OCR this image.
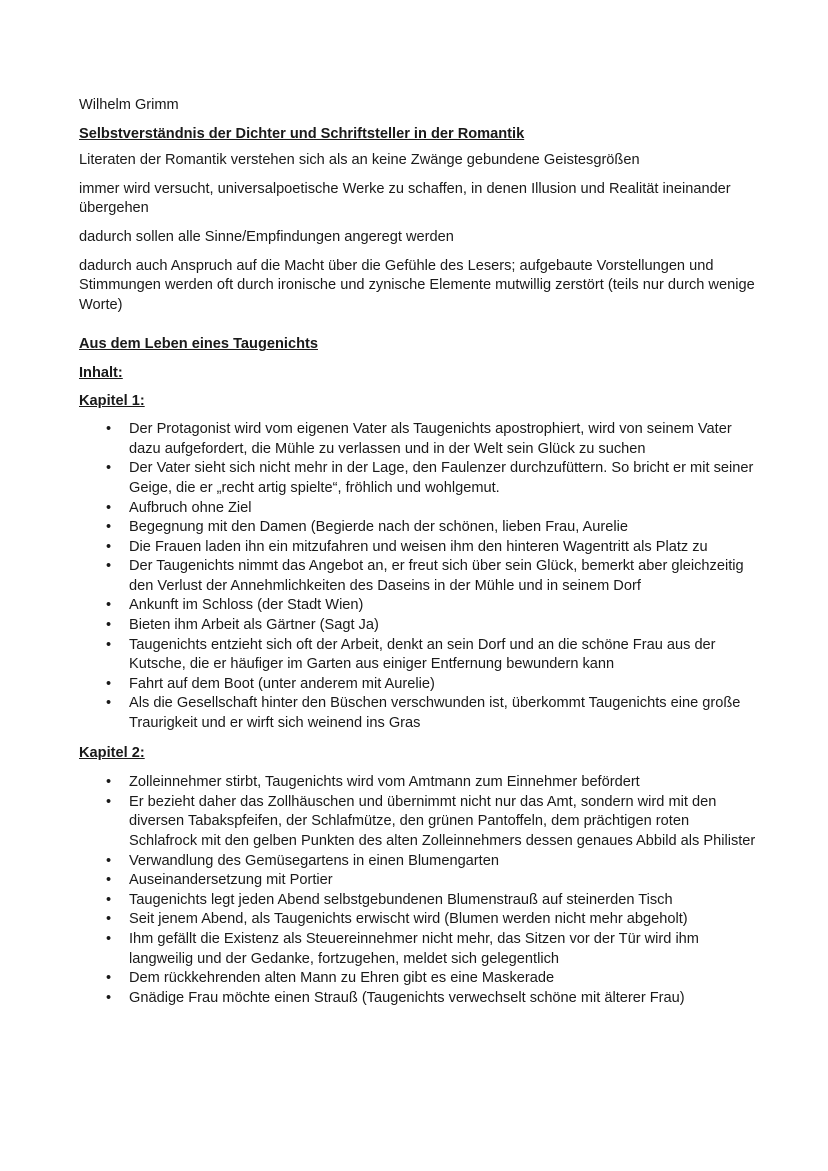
Wilhelm Grimm

Selbstverständnis der Dichter und Schriftsteller in der Romantik

Literaten der Romantik verstehen sich als an keine Zwänge gebundene Geistesgrößen

immer wird versucht, universalpoetische Werke zu schaffen, in denen Illusion und Realität ineinander übergehen

dadurch sollen alle Sinne/Empfindungen angeregt werden

dadurch auch Anspruch auf die Macht über die Gefühle des Lesers; aufgebaute Vorstellungen und Stimmungen werden oft durch ironische und zynische Elemente mutwillig zerstört (teils nur durch wenige Worte)

Aus dem Leben eines Taugenichts

Inhalt:

Kapitel 1:

• Der Protagonist wird vom eigenen Vater als Taugenichts apostrophiert, wird von seinem Vater dazu aufgefordert, die Mühle zu verlassen und in der Welt sein Glück zu suchen
• Der Vater sieht sich nicht mehr in der Lage, den Faulenzer durchzufüttern. So bricht er mit seiner Geige, die er „recht artig spielte“, fröhlich und wohlgemut.
• Aufbruch ohne Ziel
• Begegnung mit den Damen (Begierde nach der schönen, lieben Frau, Aurelie
• Die Frauen laden ihn ein mitzufahren und weisen ihm den hinteren Wagentritt als Platz zu
• Der Taugenichts nimmt das Angebot an, er freut sich über sein Glück, bemerkt aber gleichzeitig den Verlust der Annehmlichkeiten des Daseins in der Mühle und in seinem Dorf
• Ankunft im Schloss (der Stadt Wien)
• Bieten ihm Arbeit als Gärtner (Sagt Ja)
• Taugenichts entzieht sich oft der Arbeit, denkt an sein Dorf und an die schöne Frau aus der Kutsche, die er häufiger im Garten aus einiger Entfernung bewundern kann
• Fahrt auf dem Boot (unter anderem mit Aurelie)
• Als die Gesellschaft hinter den Büschen verschwunden ist, überkommt Taugenichts eine große Traurigkeit und er wirft sich weinend ins Gras

Kapitel 2:

• Zolleinnehmer stirbt, Taugenichts wird vom Amtmann zum Einnehmer befördert
• Er bezieht daher das Zollhäuschen und übernimmt nicht nur das Amt, sondern wird mit den diversen Tabakspfeifen, der Schlafmütze, den grünen Pantoffeln, dem prächtigen roten Schlafrock mit den gelben Punkten des alten Zolleinnehmers dessen genaues Abbild als Philister
• Verwandlung des Gemüsegartens in einen Blumengarten
• Auseinandersetzung mit Portier
• Taugenichts legt jeden Abend selbstgebundenen Blumenstrauß auf steinerden Tisch
• Seit jenem Abend, als Taugenichts erwischt wird (Blumen werden nicht mehr abgeholt)
• Ihm gefällt die Existenz als Steuereinnehmer nicht mehr, das Sitzen vor der Tür wird ihm langweilig und der Gedanke, fortzugehen, meldet sich gelegentlich
• Dem rückkehrenden alten Mann zu Ehren gibt es eine Maskerade
• Gnädige Frau möchte einen Strauß (Taugenichts verwechselt schöne mit älterer Frau)
